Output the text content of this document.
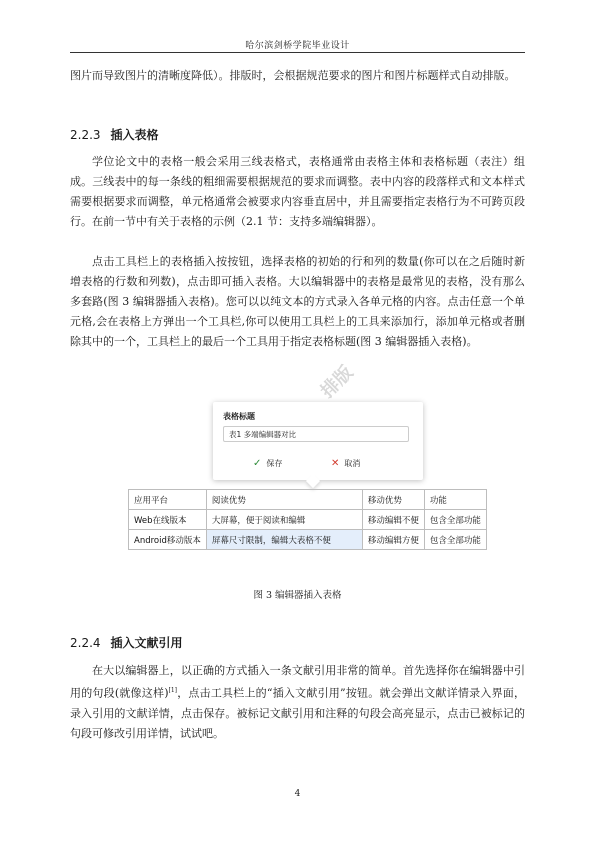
哈尔滨剑桥学院毕业设计
图片而导致图片的清晰度降低）。排版时，会根据规范要求的图片和图片标题样式自动排版。
2.2.3 插入表格
学位论文中的表格一般会采用三线表格式，表格通常由表格主体和表格标题（表注）组成。三线表中的每一条线的粗细需要根据规范的要求而调整。表中内容的段落样式和文本样式需要根据要求而调整，单元格通常会被要求内容垂直居中，并且需要指定表格行为不可跨页段行。在前一节中有关于表格的示例（2.1 节：支持多端编辑器）。
点击工具栏上的表格插入按按钮，选择表格的初始的行和列的数量(你可以在之后随时新增表格的行数和列数)，点击即可插入表格。大以编辑器中的表格是最常见的表格，没有那么多套路(图 3 编辑器插入表格)。您可以以纯文本的方式录入各单元格的内容。点击任意一个单元格,会在表格上方弹出一个工具栏,你可以使用工具栏上的工具来添加行，添加单元格或者删除其中的一个，工具栏上的最后一个工具用于指定表格标题(图 3 编辑器插入表格)。
排版
表格标题
表1 多端编辑器对比
✓ 保存	✕ 取消
应用平台	阅读优势	移动优势	功能
Web在线版本	大屏幕，便于阅读和编辑	移动编辑不便	包含全部功能
Android移动版本	屏幕尺寸限制，编辑大表格不便	移动编辑方便	包含全部功能
图 3 编辑器插入表格
2.2.4 插入文献引用
在大以编辑器上，以正确的方式插入一条文献引用非常的简单。首先选择你在编辑器中引用的句段(就像这样)[1]，点击工具栏上的“插入文献引用”按钮。就会弹出文献详情录入界面，录入引用的文献详情，点击保存。被标记文献引用和注释的句段会高亮显示，点击已被标记的句段可修改引用详情，试试吧。
4
